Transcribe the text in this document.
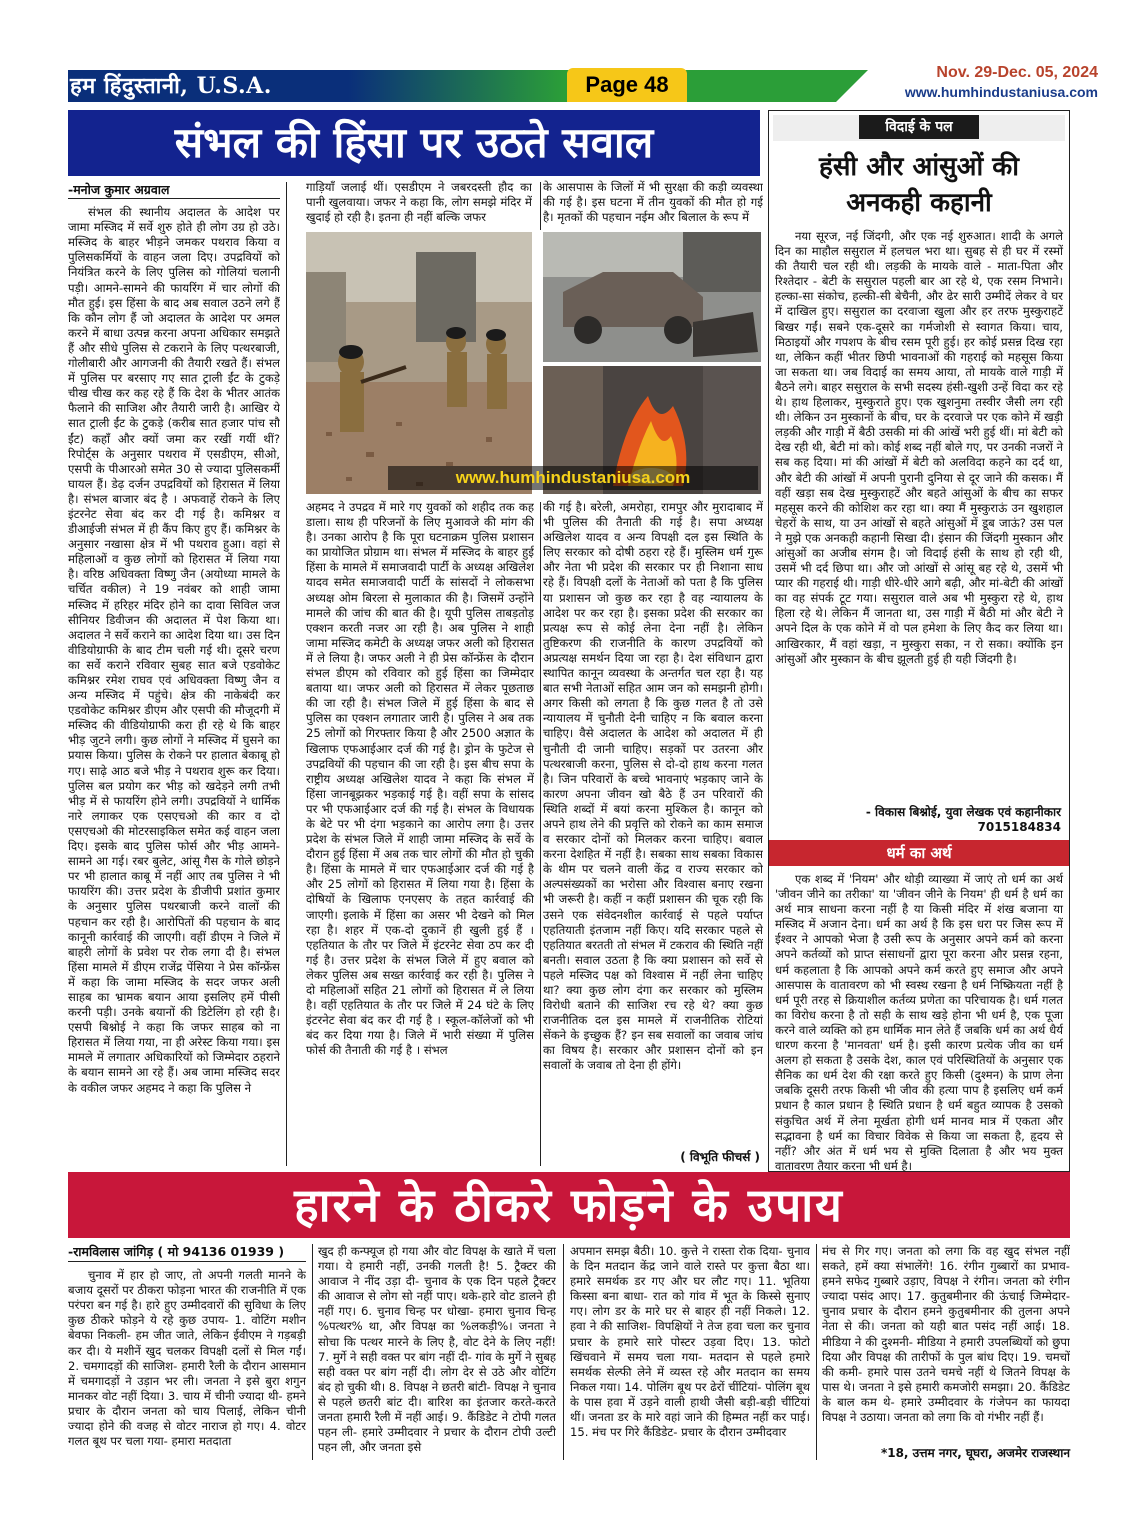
हम हिंदुस्तानी, U.S.A.	Page 48	Nov. 29-Dec. 05, 2024
www.humhindustaniusa.com
संभल की हिंसा पर उठते सवाल

-मनोज कुमार अग्रवाल

संभल की स्थानीय अदालत के आदेश पर जामा मस्जिद में सर्वे शुरु होते ही लोग उग्र हो उठे। मस्जिद के बाहर भीड़ने जमकर पथराव किया व पुलिसकर्मियों के वाहन जला दिए। उपद्रवियों को नियंत्रित करने के लिए पुलिस को गोलियां चलानी पड़ी। आमने-सामने की फायरिंग में चार लोगों की मौत हुई। इस हिंसा के बाद अब सवाल उठने लगे हैं कि कौन लोग हैं जो अदालत के आदेश पर अमल करने में बाधा उत्पन्न करना अपना अधिकार समझते हैं और सीधे पुलिस से टकराने के लिए पत्थरबाजी, गोलीबारी और आगजनी की तैयारी रखते हैं। संभल में पुलिस पर बरसाए गए सात ट्राली ईंट के टुकड़े चीख चीख कर कह रहे हैं कि देश के भीतर आतंक फैलाने की साजिश और तैयारी जारी है। आखिर ये सात ट्राली ईंट के टुकड़े (करीब सात हजार पांच सौ ईंट) कहाँ और क्यों जमा कर रखीं गयीं थीं? रिपोर्ट्स के अनुसार पथराव में एसडीएम, सीओ, एसपी के पीआरओ समेत 30 से ज्यादा पुलिसकर्मी घायल हैं। डेढ़ दर्जन उपद्रवियों को हिरासत में लिया है। संभल बाजार बंद है । अफवाहें रोकने के लिए इंटरनेट सेवा बंद कर दी गई है। कमिश्नर व डीआईजी संभल में ही कैंप किए हुए हैं। कमिश्नर के अनुसार नखासा क्षेत्र में भी पथराव हुआ। वहां से महिलाओं व कुछ लोगों को हिरासत में लिया गया है। वरिष्ठ अधिवक्ता विष्णु जैन (अयोध्या मामले के चर्चित वकील) ने 19 नवंबर को शाही जामा मस्जिद में हरिहर मंदिर होने का दावा सिविल जज सीनियर डिवीजन की अदालत में पेश किया था। अदालत ने सर्वे कराने का आदेश दिया था। उस दिन वीडियोग्राफी के बाद टीम चली गई थी। दूसरे चरण का सर्वे कराने रविवार सुबह सात बजे एडवोकेट कमिश्नर रमेश राघव एवं अधिवक्ता विष्णु जैन व अन्य मस्जिद में पहुंचे। क्षेत्र की नाकेबंदी कर एडवोकेट कमिश्नर डीएम और एसपी की मौजूदगी में मस्जिद की वीडियोग्राफी करा ही रहे थे कि बाहर भीड़ जुटने लगी। कुछ लोगों ने मस्जिद में घुसने का प्रयास किया। पुलिस के रोकने पर हालात बेकाबू हो गए। साढ़े आठ बजे भीड़ ने पथराव शुरू कर दिया। पुलिस बल प्रयोग कर भीड़ को खदेड़ने लगी तभी भीड़ में से फायरिंग होने लगी। उपद्रवियों ने धार्मिक नारे लगाकर एक एसएचओ की कार व दो एसएचओ की मोटरसाइकिल समेत कई वाहन जला दिए। इसके बाद पुलिस फोर्स और भीड़ आमने-सामने आ गई। रबर बुलेट, आंसू गैस के गोले छोड़ने पर भी हालात काबू में नहीं आए तब पुलिस ने भी फायरिंग की। उत्तर प्रदेश के डीजीपी प्रशांत कुमार के अनुसार पुलिस पथरबाजी करने वालों की पहचान कर रही है। आरोपितों की पहचान के बाद कानूनी कार्रवाई की जाएगी। वहीं डीएम ने जिले में बाहरी लोगों के प्रवेश पर रोक लगा दी है। संभल हिंसा मामले में डीएम राजेंद्र पेंसिया ने प्रेस कॉन्फ्रेंस में कहा कि जामा मस्जिद के सदर जफर अली साहब का भ्रामक बयान आया इसलिए हमें पीसी करनी पड़ी। उनके बयानों की डिटेलिंग हो रही है। एसपी बिश्नोई ने कहा कि जफर साहब को ना हिरासत में लिया गया, ना ही अरेस्ट किया गया। इस मामले में लगातार अधिकारियों को जिम्मेदार ठहराने के बयान सामने आ रहे हैं। अब जामा मस्जिद सदर के वकील जफर अहमद ने कहा कि पुलिस ने

गाड़ियाँ जलाई थीं। एसडीएम ने जबरदस्ती हौद का पानी खुलवाया। जफर ने कहा कि, लोग समझे मंदिर में खुदाई हो रही है। इतना ही नहीं बल्कि जफर

के आसपास के जिलों में भी सुरक्षा की कड़ी व्यवस्था की गई है। इस घटना में तीन युवकों की मौत हो गई है। मृतकों की पहचान नईम और बिलाल के रूप में

www.humhindustaniusa.com

अहमद ने उपद्रव में मारे गए युवकों को शहीद तक कह डाला। साथ ही परिजनों के लिए मुआवजे की मांग की है। उनका आरोप है कि पूरा घटनाक्रम पुलिस प्रशासन का प्रायोजित प्रोग्राम था। संभल में मस्जिद के बाहर हुई हिंसा के मामले में समाजवादी पार्टी के अध्यक्ष अखिलेश यादव समेत समाजवादी पार्टी के सांसदों ने लोकसभा अध्यक्ष ओम बिरला से मुलाकात की है। जिसमें उन्होंने मामले की जांच की बात की है। यूपी पुलिस ताबड़तोड़ एक्शन करती नजर आ रही है। अब पुलिस ने शाही जामा मस्जिद कमेटी के अध्यक्ष जफर अली को हिरासत में ले लिया है। जफर अली ने ही प्रेस कॉन्फ्रेंस के दौरान संभल डीएम को रविवार को हुई हिंसा का जिम्मेदार बताया था। जफर अली को हिरासत में लेकर पूछताछ की जा रही है। संभल जिले में हुई हिंसा के बाद से पुलिस का एक्शन लगातार जारी है। पुलिस ने अब तक 25 लोगों को गिरफ्तार किया है और 2500 अज्ञात के खिलाफ एफआईआर दर्ज की गई है। ड्रोन के फुटेज से उपद्रवियों की पहचान की जा रही है। इस बीच सपा के राष्ट्रीय अध्यक्ष अखिलेश यादव ने कहा कि संभल में हिंसा जानबूझकर भड़काई गई है। वहीं सपा के सांसद पर भी एफआईआर दर्ज की गई है। संभल के विधायक के बेटे पर भी दंगा भड़काने का आरोप लगा है। उत्तर प्रदेश के संभल जिले में शाही जामा मस्जिद के सर्वे के दौरान हुई हिंसा में अब तक चार लोगों की मौत हो चुकी है। हिंसा के मामले में चार एफआईआर दर्ज की गई है और 25 लोगों को हिरासत में लिया गया है। हिंसा के दोषियों के खिलाफ एनएसए के तहत कार्रवाई की जाएगी। इलाके में हिंसा का असर भी देखने को मिल रहा है। शहर में एक-दो दुकानें ही खुली हुई हैं । एहतियात के तौर पर जिले में इंटरनेट सेवा ठप कर दी गई है। उत्तर प्रदेश के संभल जिले में हुए बवाल को लेकर पुलिस अब सख्त कार्रवाई कर रही है। पुलिस ने दो महिलाओं सहित 21 लोगों को हिरासत में ले लिया है। वहीं एहतियात के तौर पर जिले में 24 घंटे के लिए इंटरनेट सेवा बंद कर दी गई है । स्कूल-कॉलेजों को भी बंद कर दिया गया है। जिले में भारी संख्या में पुलिस फोर्स की तैनाती की गई है । संभल

की गई है। बरेली, अमरोहा, रामपुर और मुरादाबाद में भी पुलिस की तैनाती की गई है। सपा अध्यक्ष अखिलेश यादव व अन्य विपक्षी दल इस स्थिति के लिए सरकार को दोषी ठहरा रहे हैं। मुस्लिम धर्म गुरू और नेता भी प्रदेश की सरकार पर ही निशाना साध रहे हैं। विपक्षी दलों के नेताओं को पता है कि पुलिस या प्रशासन जो कुछ कर रहा है वह न्यायालय के आदेश पर कर रहा है। इसका प्रदेश की सरकार का प्रत्यक्ष रूप से कोई लेना देना नहीं है। लेकिन तुष्टिकरण की राजनीति के कारण उपद्रवियों को अप्रत्यक्ष समर्थन दिया जा रहा है। देश संविधान द्वारा स्थापित कानून व्यवस्था के अन्तर्गत चल रहा है। यह बात सभी नेताओं सहित आम जन को समझनी होगी। अगर किसी को लगता है कि कुछ गलत है तो उसे न्यायालय में चुनौती देनी चाहिए न कि बवाल करना चाहिए। वैसे अदालत के आदेश को अदालत में ही चुनौती दी जानी चाहिए। सड़कों पर उतरना और पत्थरबाजी करना, पुलिस से दो-दो हाथ करना गलत है। जिन परिवारों के बच्चे भावनाएं भड़काए जाने के कारण अपना जीवन खो बैठे हैं उन परिवारों की स्थिति शब्दों में बयां करना मुश्किल है। कानून को अपने हाथ लेने की प्रवृत्ति को रोकने का काम समाज व सरकार दोनों को मिलकर करना चाहिए। बवाल करना देशहित में नहीं है। सबका साथ सबका विकास के थीम पर चलने वाली केंद्र व राज्य सरकार को अल्पसंख्यकों का भरोसा और विश्वास बनाए रखना भी जरूरी है। कहीं न कहीं प्रशासन की चूक रही कि उसने एक संवेदनशील कार्रवाई से पहले पर्याप्त एहतियाती इंतजाम नहीं किए। यदि सरकार पहले से एहतियात बरतती तो संभल में टकराव की स्थिति नहीं बनती। सवाल उठता है कि क्या प्रशासन को सर्वे से पहले मस्जिद पक्ष को विश्वास में नहीं लेना चाहिए था? क्या कुछ लोग दंगा कर सरकार को मुस्लिम विरोधी बताने की साजिश रच रहे थे? क्या कुछ राजनीतिक दल इस मामले में राजनीतिक रोटियां सेंकने के इच्छुक हैं? इन सब सवालों का जवाब जांच का विषय है। सरकार और प्रशासन दोनों को इन सवालों के जवाब तो देना ही होंगे।

( विभूति फीचर्स )
विदाई के पल
हंसी और आंसुओं की अनकही कहानी

नया सूरज, नई जिंदगी, और एक नई शुरुआत। शादी के अगले दिन का माहौल ससुराल में हलचल भरा था। सुबह से ही घर में रस्मों की तैयारी चल रही थी। लड़की के मायके वाले - माता-पिता और रिश्तेदार - बेटी के ससुराल पहली बार आ रहे थे, एक रसम निभाने। हल्का-सा संकोच, हल्की-सी बेचैनी, और ढेर सारी उम्मीदें लेकर वे घर में दाखिल हुए। ससुराल का दरवाजा खुला और हर तरफ मुस्कुराहटें बिखर गईं। सबने एक-दूसरे का गर्मजोशी से स्वागत किया। चाय, मिठाइयों और गपशप के बीच रसम पूरी हुई। हर कोई प्रसन्न दिख रहा था, लेकिन कहीं भीतर छिपी भावनाओं की गहराई को महसूस किया जा सकता था। जब विदाई का समय आया, तो मायके वाले गाड़ी में बैठने लगे। बाहर ससुराल के सभी सदस्य हंसी-खुशी उन्हें विदा कर रहे थे। हाथ हिलाकर, मुस्कुराते हुए। एक खुशनुमा तस्वीर जैसी लग रही थी। लेकिन उन मुस्कानों के बीच, घर के दरवाजे पर एक कोने में खड़ी लड़की और गाड़ी में बैठी उसकी मां की आंखें भरी हुई थीं। मां बेटी को देख रही थी, बेटी मां को। कोई शब्द नहीं बोले गए, पर उनकी नजरों ने सब कह दिया। मां की आंखों में बेटी को अलविदा कहने का दर्द था, और बेटी की आंखों में अपनी पुरानी दुनिया से दूर जाने की कसक। मैं वहीं खड़ा सब देख मुस्कुराहटें और बहते आंसुओं के बीच का सफर महसूस करने की कोशिश कर रहा था। क्या मैं मुस्कुराऊं उन खुशहाल चेहरों के साथ, या उन आंखों से बहते आंसुओं में डूब जाऊं? उस पल ने मुझे एक अनकही कहानी सिखा दी। इंसान की जिंदगी मुस्कान और आंसुओं का अजीब संगम है। जो विदाई हंसी के साथ हो रही थी, उसमें भी दर्द छिपा था। और जो आंखों से आंसू बह रहे थे, उसमें भी प्यार की गहराई थी। गाड़ी धीरे-धीरे आगे बढ़ी, और मां-बेटी की आंखों का वह संपर्क टूट गया। ससुराल वाले अब भी मुस्कुरा रहे थे, हाथ हिला रहे थे। लेकिन मैं जानता था, उस गाड़ी में बैठी मां और बेटी ने अपने दिल के एक कोने में वो पल हमेशा के लिए कैद कर लिया था। आखिरकार, मैं वहां खड़ा, न मुस्कुरा सका, न रो सका। क्योंकि इन आंसुओं और मुस्कान के बीच झूलती हुई ही यही जिंदगी है।

- विकास बिश्नोई, युवा लेखक एवं कहानीकार
7015184834
धर्म का अर्थ

एक शब्द में 'नियम' और थोड़ी व्याख्या में जाएं तो धर्म का अर्थ 'जीवन जीने का तरीका' या 'जीवन जीने के नियम' ही धर्म है धर्म का अर्थ मात्र साधना करना नहीं है या किसी मंदिर में शंख बजाना या मस्जिद में अजान देना। धर्म का अर्थ है कि इस धरा पर जिस रूप में ईश्वर ने आपको भेजा है उसी रूप के अनुसार अपने कर्म को करना अपने कर्तव्यों को प्राप्त संसाधनों द्वारा पूरा करना और प्रसन्न रहना, धर्म कहलाता है कि आपको अपने कर्म करते हुए समाज और अपने आसपास के वातावरण को भी स्वस्थ रखना है धर्म निष्क्रियता नहीं है धर्म पूरी तरह से क्रियाशील कर्तव्य प्रणेता का परिचायक है। धर्म गलत का विरोध करना है तो सही के साथ खड़े होना भी धर्म है, एक पूजा करने वाले व्यक्ति को हम धार्मिक मान लेते हैं जबकि धर्म का अर्थ धैर्य धारण करना है 'मानवता' धर्म है। इसी कारण प्रत्येक जीव का धर्म अलग हो सकता है उसके देश, काल एवं परिस्थितियों के अनुसार एक सैनिक का धर्म देश की रक्षा करते हुए किसी (दुश्मन) के प्राण लेना जबकि दूसरी तरफ किसी भी जीव की हत्या पाप है इसलिए धर्म कर्म प्रधान है काल प्रधान है स्थिति प्रधान है धर्म बहुत व्यापक है उसको संकुचित अर्थ में लेना मूर्खता होगी धर्म मानव मात्र में एकता और सद्भावना है धर्म का विचार विवेक से किया जा सकता है, हृदय से नहीं? और अंत में धर्म भय से मुक्ति दिलाता है और भय मुक्त वातावरण तैयार करना भी धर्म है।

हारने के ठीकरे फोड़ने के उपाय

-रामविलास जांगिड़ ( मो 94136 01939 )

चुनाव में हार हो जाए, तो अपनी गलती मानने के बजाय दूसरों पर ठीकरा फोड़ना भारत की राजनीति में एक परंपरा बन गई है। हारे हुए उम्मीदवारों की सुविधा के लिए कुछ ठीकरे फोड़ने ये रहे कुछ उपाय- 1. वोटिंग मशीन बेवफा निकली- हम जीत जाते, लेकिन ईवीएम ने गड़बड़ी कर दी। ये मशीनें खुद चलकर विपक्षी दलों से मिल गईं। 2. चमगादड़ों की साजिश- हमारी रैली के दौरान आसमान में चमगादड़ों ने उड़ान भर ली। जनता ने इसे बुरा शगुन मानकर वोट नहीं दिया। 3. चाय में चीनी ज्यादा थी- हमने प्रचार के दौरान जनता को चाय पिलाई, लेकिन चीनी ज्यादा होने की वजह से वोटर नाराज हो गए। 4. वोटर गलत बूथ पर चला गया- हमारा मतदाता

खुद ही कन्फ्यूज हो गया और वोट विपक्ष के खाते में चला गया। ये हमारी नहीं, उनकी गलती है! 5. ट्रैक्टर की आवाज ने नींद उड़ा दी- चुनाव के एक दिन पहले ट्रैक्टर की आवाज से लोग सो नहीं पाए। थके-हारे वोट डालने ही नहीं गए। 6. चुनाव चिन्ह पर धोखा- हमारा चुनाव चिन्ह %पत्थर% था, और विपक्ष का %लकड़ी%। जनता ने सोचा कि पत्थर मारने के लिए है, वोट देने के लिए नहीं! 7. मुर्गे ने सही वक्त पर बांग नहीं दी- गांव के मुर्गे ने सुबह सही वक्त पर बांग नहीं दी। लोग देर से उठे और वोटिंग बंद हो चुकी थी। 8. विपक्ष ने छतरी बांटी- विपक्ष ने चुनाव से पहले छतरी बांट दी। बारिश का इंतजार करते-करते जनता हमारी रैली में नहीं आई। 9. कैंडिडेट ने टोपी गलत पहन ली- हमारे उम्मीदवार ने प्रचार के दौरान टोपी उल्टी पहन ली, और जनता इसे

अपमान समझ बैठी। 10. कुत्ते ने रास्ता रोक दिया- चुनाव के दिन मतदान केंद्र जाने वाले रास्ते पर कुत्ता बैठा था। हमारे समर्थक डर गए और घर लौट गए। 11. भूतिया किस्सा बना बाधा- रात को गांव में भूत के किस्से सुनाए गए। लोग डर के मारे घर से बाहर ही नहीं निकले। 12. हवा ने की साजिश- विपक्षियों ने तेज हवा चला कर चुनाव प्रचार के हमारे सारे पोस्टर उड़वा दिए। 13. फोटो खिंचवाने में समय चला गया- मतदान से पहले हमारे समर्थक सेल्फी लेने में व्यस्त रहे और मतदान का समय निकल गया। 14. पोलिंग बूथ पर ढेरों चींटियां- पोलिंग बूथ के पास हवा में उड़ने वाली हाथी जैसी बड़ी-बड़ी चींटियां थीं। जनता डर के मारे वहां जाने की हिम्मत नहीं कर पाई। 15. मंच पर गिरे कैंडिडेट- प्रचार के दौरान उम्मीदवार

मंच से गिर गए। जनता को लगा कि वह खुद संभल नहीं सकते, हमें क्या संभालेंगे! 16. रंगीन गुब्बारों का प्रभाव- हमने सफेद गुब्बारे उड़ाए, विपक्ष ने रंगीन। जनता को रंगीन ज्यादा पसंद आए। 17. कुतुबमीनार की ऊंचाई जिम्मेदार- चुनाव प्रचार के दौरान हमने कुतुबमीनार की तुलना अपने नेता से की। जनता को यही बात पसंद नहीं आई। 18. मीडिया ने की दुश्मनी- मीडिया ने हमारी उपलब्धियों को छुपा दिया और विपक्ष की तारीफों के पुल बांध दिए। 19. चमचों की कमी- हमारे पास उतने चमचे नहीं थे जितने विपक्ष के पास थे। जनता ने इसे हमारी कमजोरी समझा। 20. कैंडिडेट के बाल कम थे- हमारे उम्मीदवार के गंजेपन का फायदा विपक्ष ने उठाया। जनता को लगा कि वो गंभीर नहीं हैं।

*18, उत्तम नगर, घूघरा, अजमेर राजस्थान
